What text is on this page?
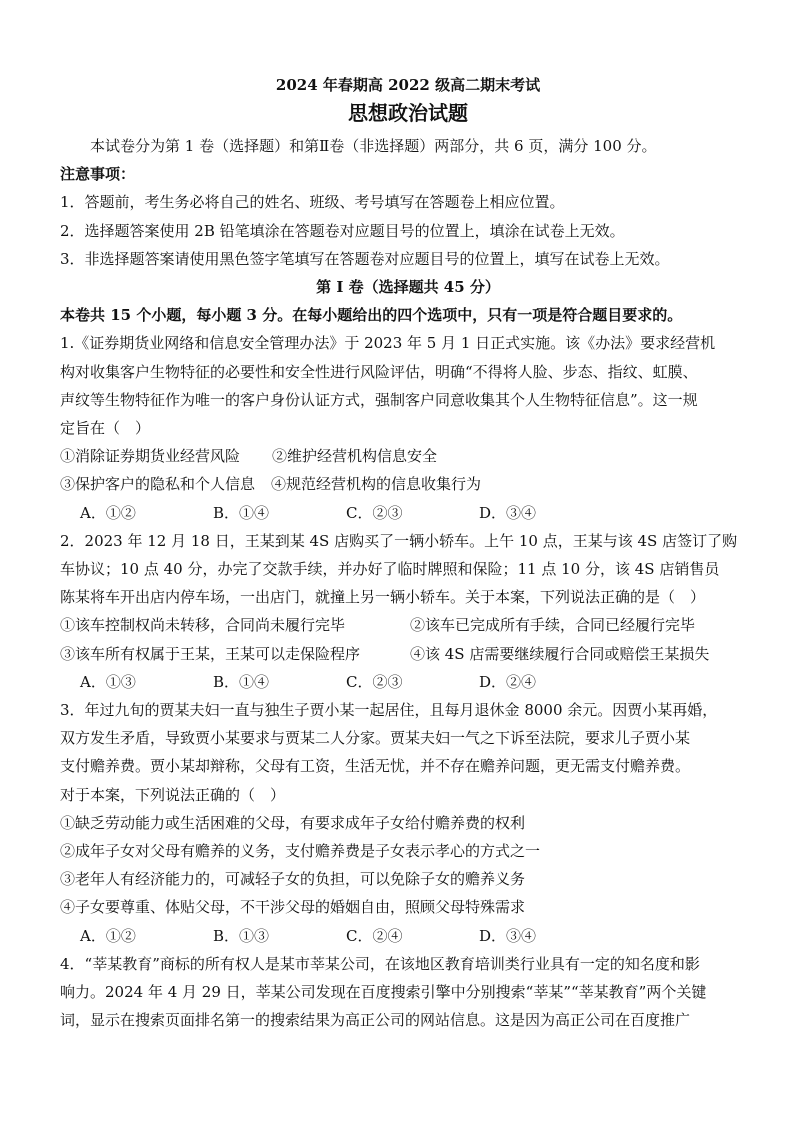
2024 年春期高 2022 级高二期末考试

思想政治试题

本试卷分为第 1 卷（选择题）和第Ⅱ卷（非选择题）两部分，共 6 页，满分 100 分。

注意事项：

1．答题前，考生务必将自己的姓名、班级、考号填写在答题卷上相应位置。

2．选择题答案使用 2B 铅笔填涂在答题卷对应题目号的位置上，填涂在试卷上无效。

3．非选择题答案请使用黑色签字笔填写在答题卷对应题目号的位置上，填写在试卷上无效。

第 I 卷（选择题共 45 分）

本卷共 15 个小题，每小题 3 分。在每小题给出的四个选项中，只有一项是符合题目要求的。

1.《证券期货业网络和信息安全管理办法》于 2023 年 5 月 1 日正式实施。该《办法》要求经营机

构对收集客户生物特征的必要性和安全性进行风险评估，明确“不得将人脸、步态、指纹、虹膜、

声纹等生物特征作为唯一的客户身份认证方式，强制客户同意收集其个人生物特征信息”。这一规

定旨在（　）

①消除证券期货业经营风险	②维护经营机构信息安全
③保护客户的隐私和个人信息 ④规范经营机构的信息收集行为
A．①②	B．①④	C．②③	D．③④

2．2023 年 12 月 18 日，王某到某 4S 店购买了一辆小轿车。上午 10 点，王某与该 4S 店签订了购

车协议；10 点 40 分，办完了交款手续，并办好了临时牌照和保险；11 点 10 分，该 4S 店销售员

陈某将车开出店内停车场，一出店门，就撞上另一辆小轿车。关于本案，下列说法正确的是（　）

①该车控制权尚未转移，合同尚未履行完毕	②该车已完成所有手续，合同已经履行完毕
③该车所有权属于王某，王某可以走保险程序	④该 4S 店需要继续履行合同或赔偿王某损失
A．①③	B．①④	C．②③	D．②④

3．年过九旬的贾某夫妇一直与独生子贾小某一起居住，且每月退休金 8000 余元。因贾小某再婚，

双方发生矛盾，导致贾小某要求与贾某二人分家。贾某夫妇一气之下诉至法院，要求儿子贾小某

支付赡养费。贾小某却辩称，父母有工资，生活无忧，并不存在赡养问题，更无需支付赡养费。

对于本案，下列说法正确的（　）

①缺乏劳动能力或生活困难的父母，有要求成年子女给付赡养费的权利

②成年子女对父母有赡养的义务，支付赡养费是子女表示孝心的方式之一

③老年人有经济能力的，可减轻子女的负担，可以免除子女的赡养义务

④子女要尊重、体贴父母，不干涉父母的婚姻自由，照顾父母特殊需求

A．①②	B．①③	C．②④	D．③④

4．“莘某教育”商标的所有权人是某市莘某公司，在该地区教育培训类行业具有一定的知名度和影

响力。2024 年 4 月 29 日，莘某公司发现在百度搜索引擎中分别搜索“莘某”“莘某教育”两个关键

词，显示在搜索页面排名第一的搜索结果为高正公司的网站信息。这是因为高正公司在百度推广
